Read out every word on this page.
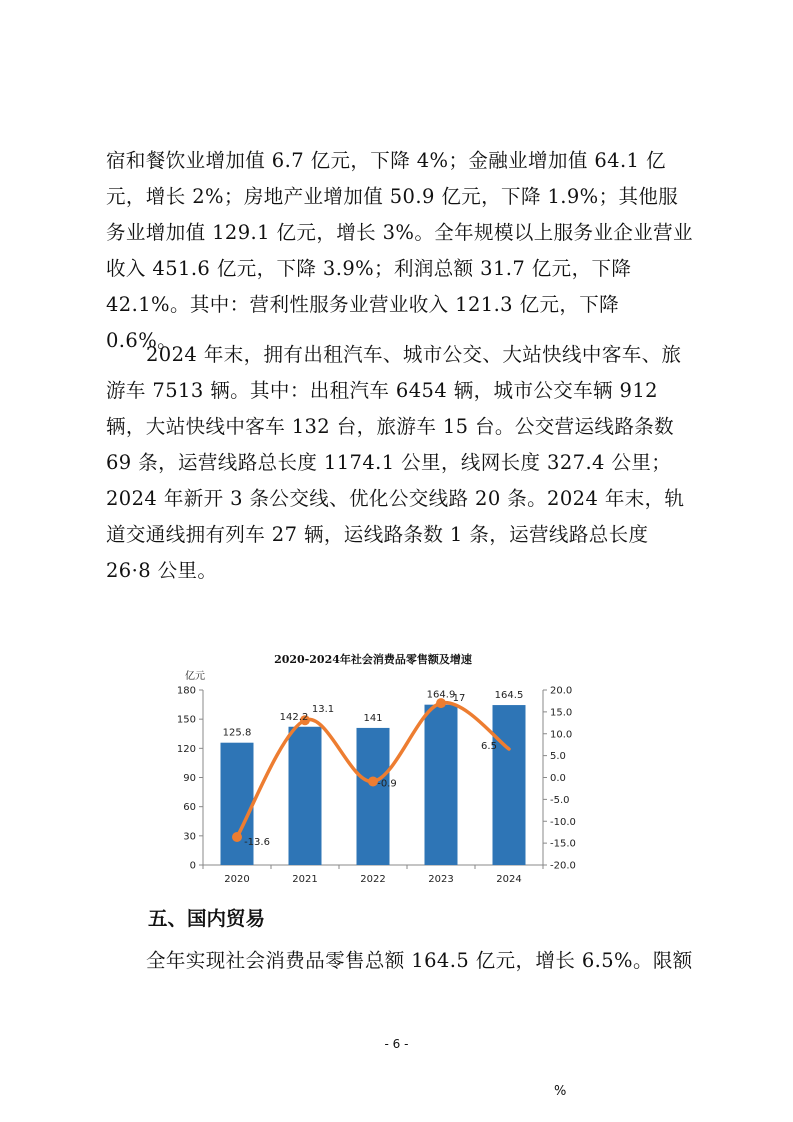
宿和餐饮业增加值 6.7 亿元，下降 4%；金融业增加值 64.1 亿元，增长 2%；房地产业增加值 50.9 亿元，下降 1.9%；其他服务业增加值 129.1 亿元，增长 3%。全年规模以上服务业企业营业收入 451.6 亿元，下降 3.9%；利润总额 31.7 亿元，下降 42.1%。其中：营利性服务业营业收入 121.3 亿元，下降 0.6%。

2024 年末，拥有出租汽车、城市公交、大站快线中客车、旅游车 7513 辆。其中：出租汽车 6454 辆，城市公交车辆 912 辆，大站快线中客车 132 台，旅游车 15 台。公交营运线路条数 69 条，运营线路总长度 1174.1 公里，线网长度 327.4 公里；2024 年新开 3 条公交线、优化公交线路 20 条。2024 年末，轨道交通线拥有列车 27 辆，运线路条数 1 条，运营线路总长度 26·8 公里。

2020-2024年社会消费品零售额及增速
亿元
0
30
60
90
120
150
180
-20.0
-15.0
-10.0
-5.0
0.0
5.0
10.0
15.0
20.0
2020	2021	2022	2023	2024
125.8
142.2	141
164.9	164.5
-13.6
13.1
-0.9
17
6.5
五、国内贸易

全年实现社会消费品零售总额 164.5 亿元，增长 6.5%。限额

- 6 -
%
